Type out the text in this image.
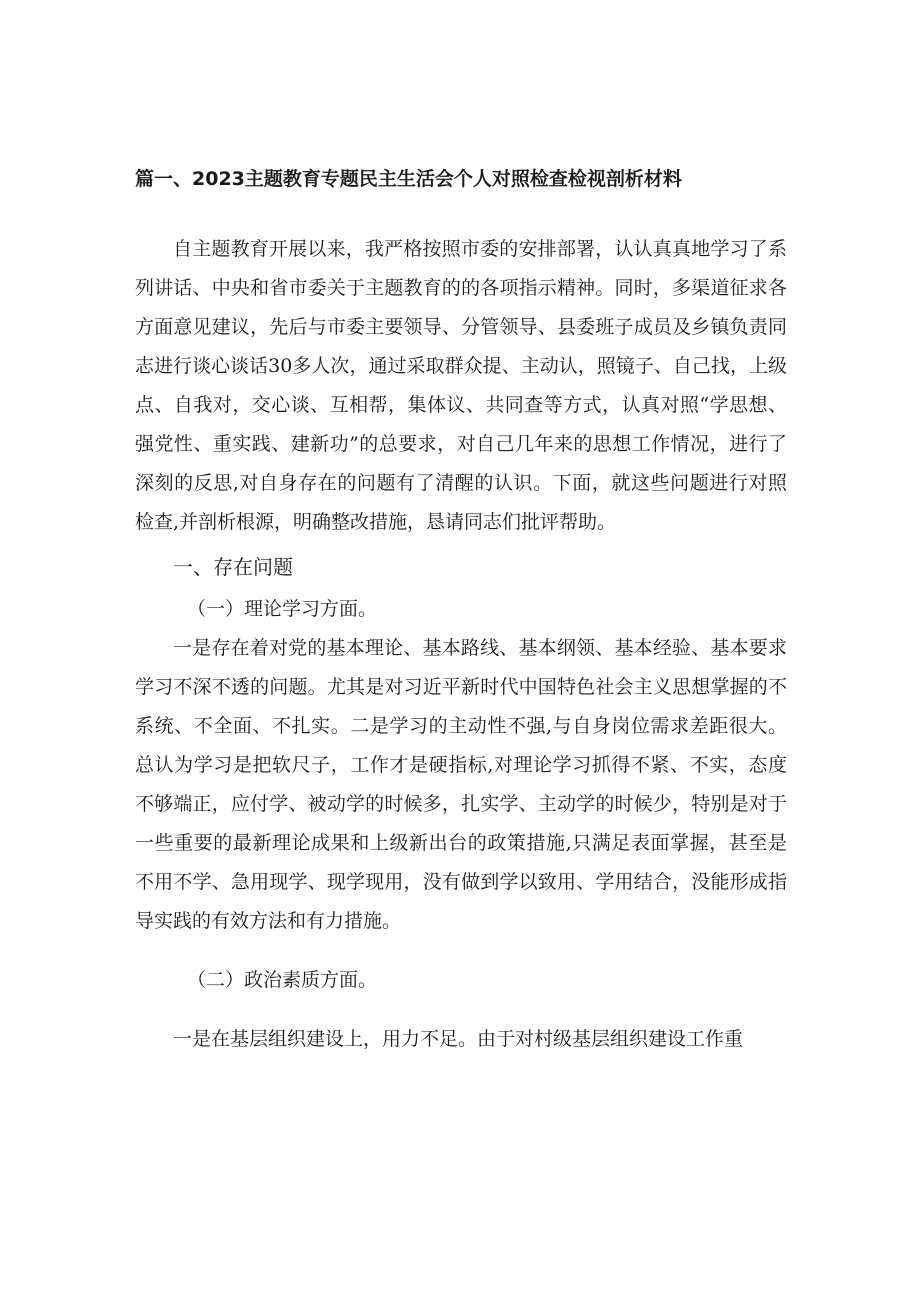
篇一、2023主题教育专题民主生活会个人对照检查检视剖析材料

自主题教育开展以来，我严格按照市委的安排部署，认认真真地学习了系列讲话、中央和省市委关于主题教育的的各项指示精神。同时，多渠道征求各方面意见建议，先后与市委主要领导、分管领导、县委班子成员及乡镇负责同志进行谈心谈话30多人次，通过采取群众提、主动认，照镜子、自己找，上级点、自我对，交心谈、互相帮，集体议、共同查等方式，认真对照“学思想、强党性、重实践、建新功”的总要求，对自己几年来的思想工作情况，进行了深刻的反思,对自身存在的问题有了清醒的认识。下面，就这些问题进行对照检查,并剖析根源，明确整改措施，恳请同志们批评帮助。

一、存在问题

（一）理论学习方面。

一是存在着对党的基本理论、基本路线、基本纲领、基本经验、基本要求学习不深不透的问题。尤其是对习近平新时代中国特色社会主义思想掌握的不系统、不全面、不扎实。二是学习的主动性不强,与自身岗位需求差距很大。总认为学习是把软尺子，工作才是硬指标,对理论学习抓得不紧、不实，态度不够端正，应付学、被动学的时候多，扎实学、主动学的时候少，特别是对于一些重要的最新理论成果和上级新出台的政策措施,只满足表面掌握，甚至是不用不学、急用现学、现学现用，没有做到学以致用、学用结合，没能形成指导实践的有效方法和有力措施。

（二）政治素质方面。

一是在基层组织建设上，用力不足。由于对村级基层组织建设工作重
